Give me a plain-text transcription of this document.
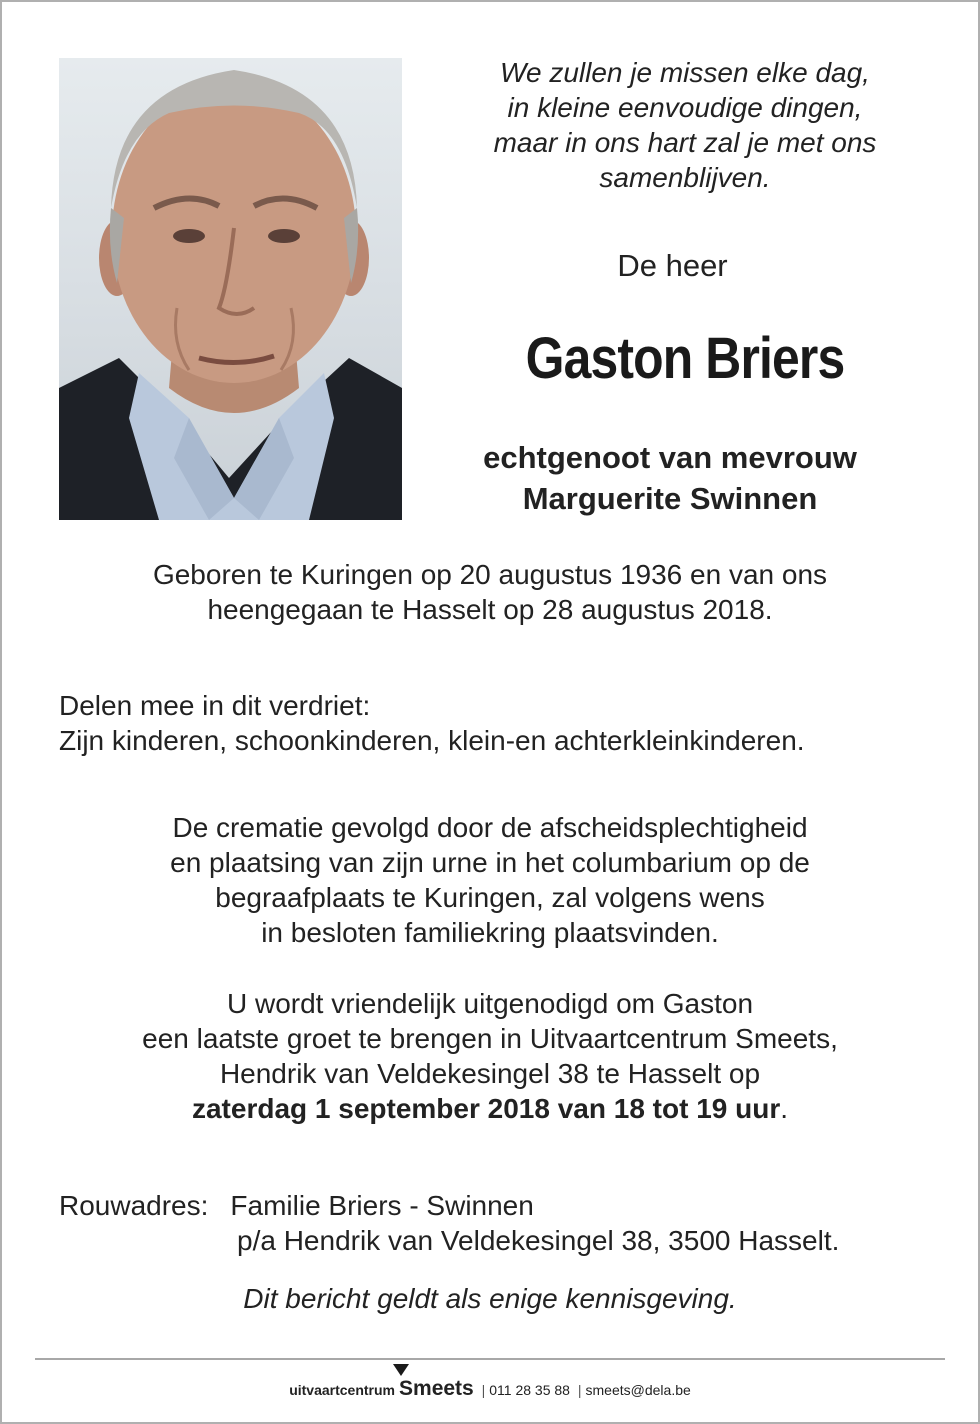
We zullen je missen elke dag,
in kleine eenvoudige dingen,
maar in ons hart zal je met ons
samenblijven.
De heer
Gaston Briers
echtgenoot van mevrouw
Marguerite Swinnen
Geboren te Kuringen op 20 augustus 1936 en van ons
heengegaan te Hasselt op 28 augustus 2018.
Delen mee in dit verdriet:
Zijn kinderen, schoonkinderen, klein-en achterkleinkinderen.
De crematie gevolgd door de afscheidsplechtigheid
en plaatsing van zijn urne in het columbarium op de
begraafplaats te Kuringen, zal volgens wens
in besloten familiekring plaatsvinden.
U wordt vriendelijk uitgenodigd om Gaston
een laatste groet te brengen in Uitvaartcentrum Smeets,
Hendrik van Veldekesingel 38 te Hasselt op
zaterdag 1 september 2018 van 18 tot 19 uur.
Rouwadres: Familie Briers - Swinnen
p/a Hendrik van Veldekesingel 38, 3500 Hasselt.
Dit bericht geldt als enige kennisgeving.
uitvaartcentrum Smeets | 011 28 35 88 | smeets@dela.be
